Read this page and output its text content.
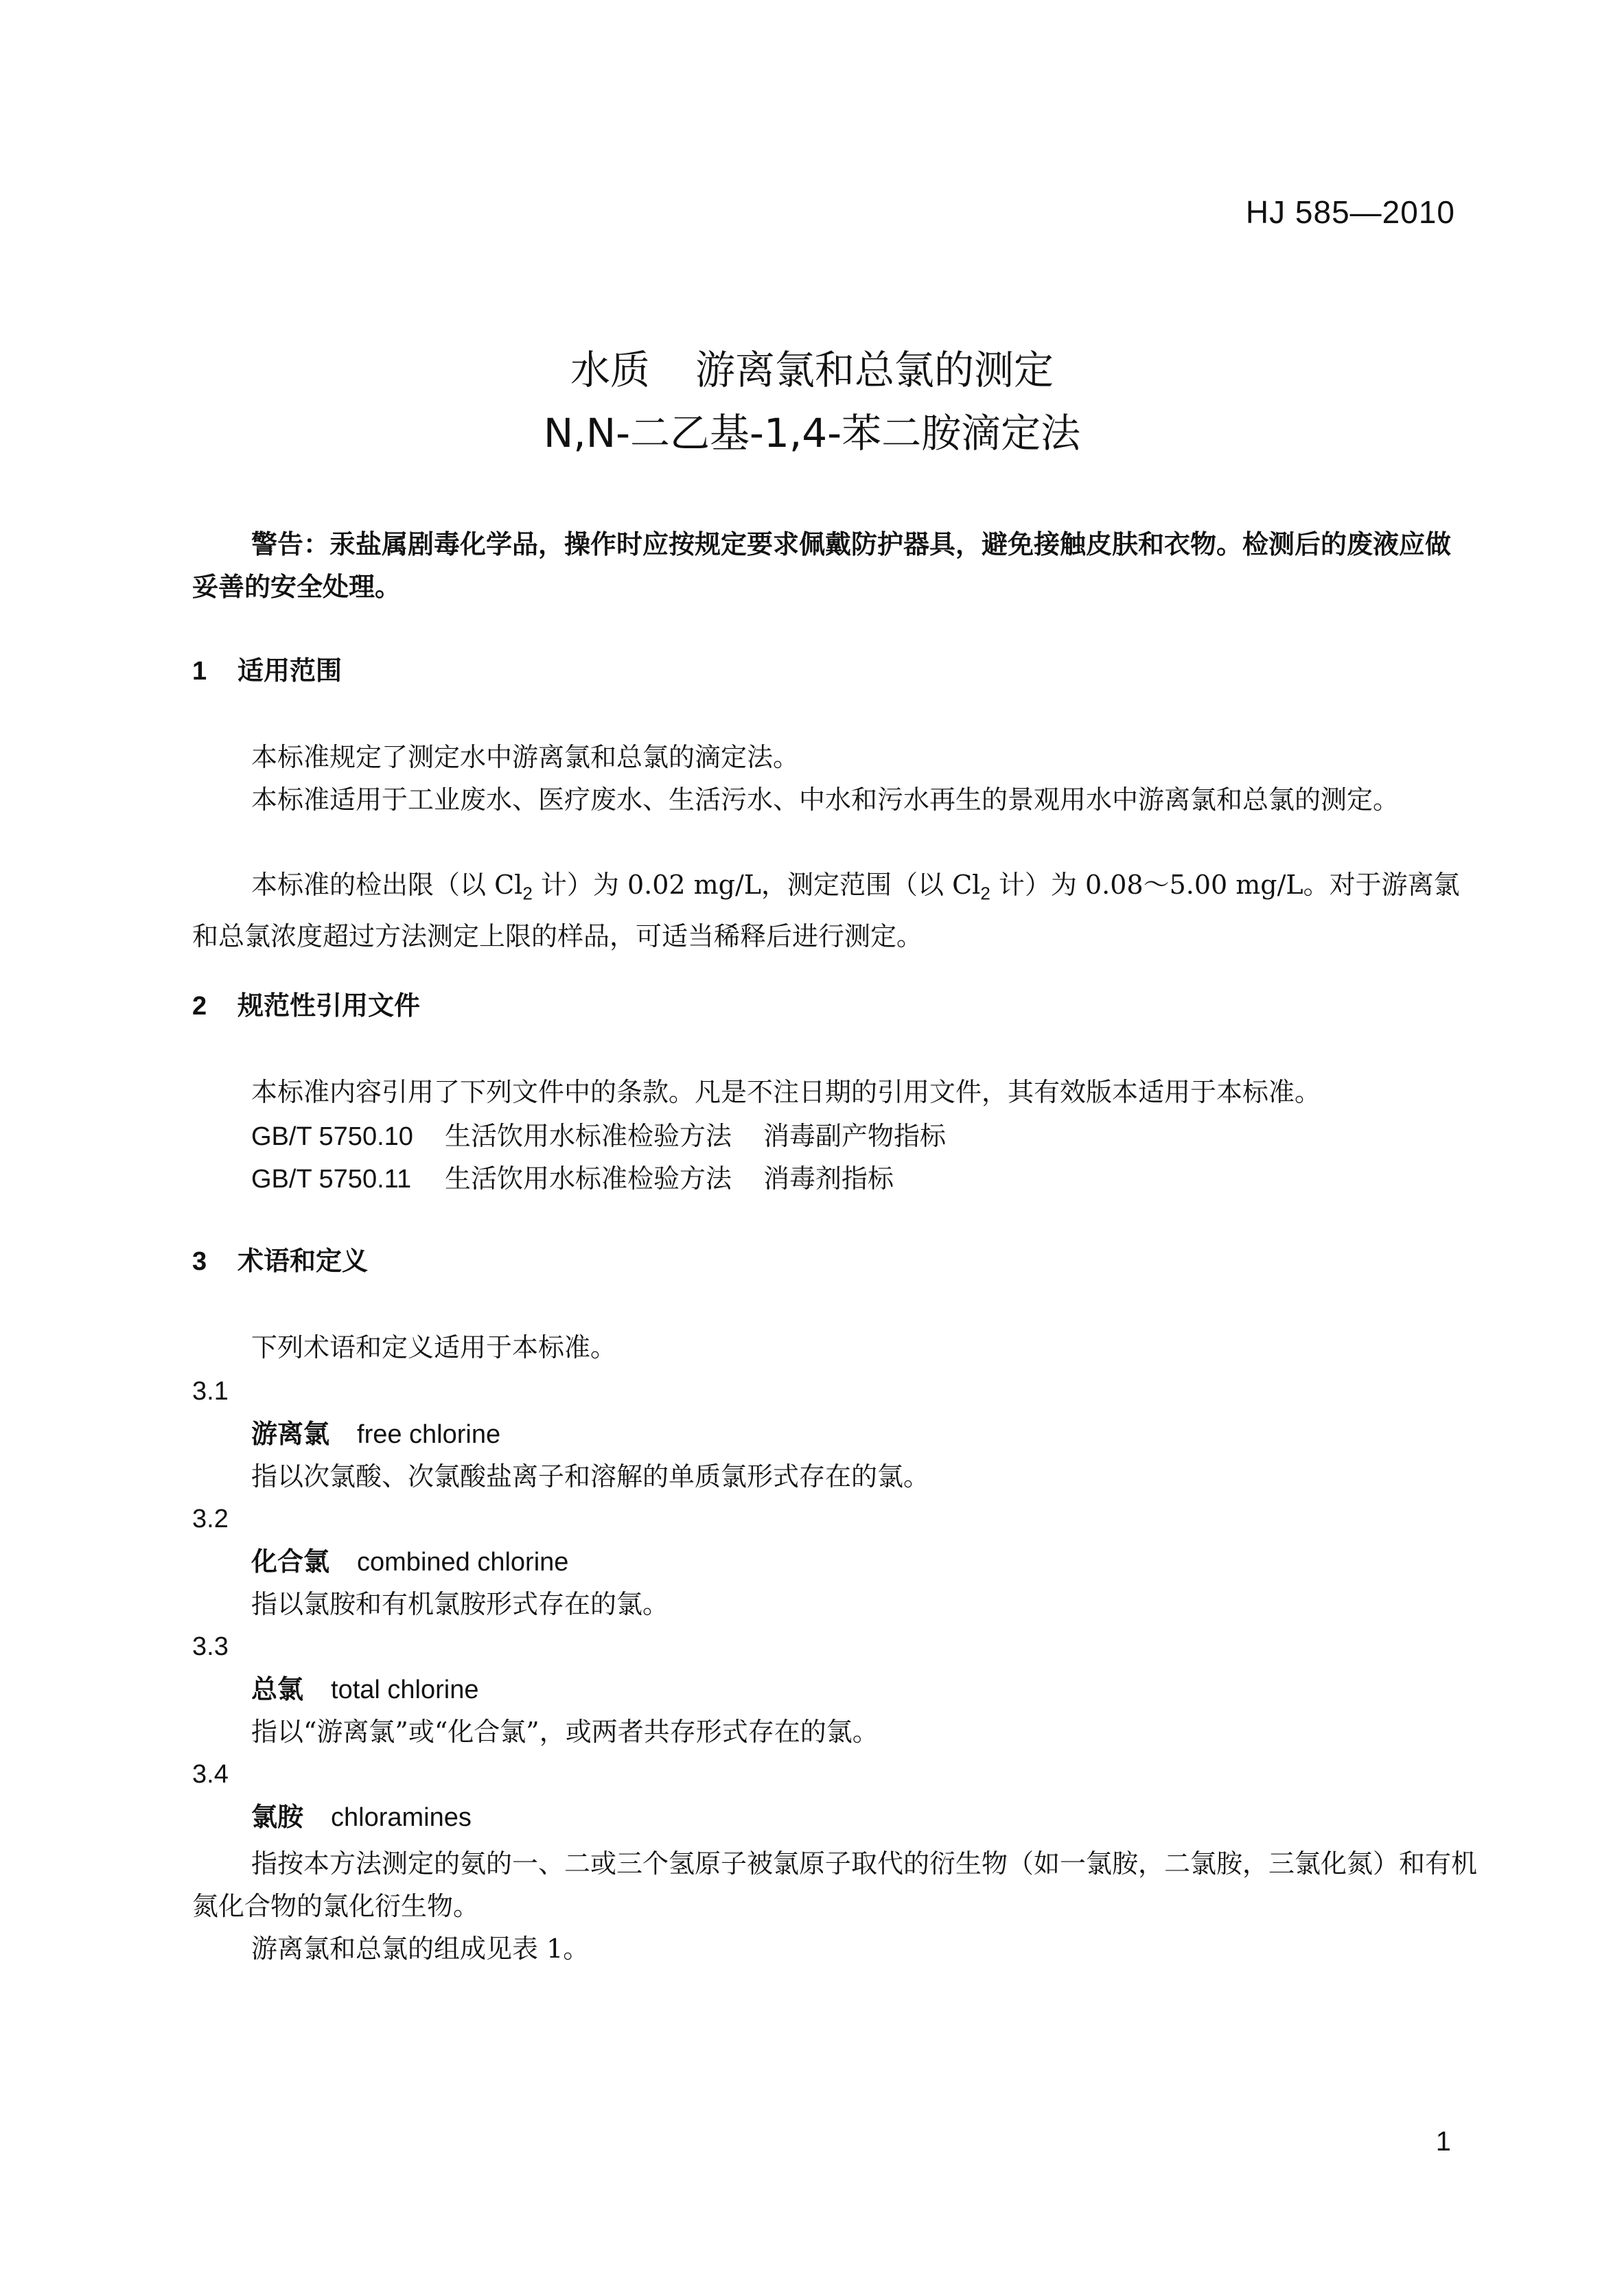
HJ 585—2010
水质 游离氯和总氯的测定
N,N-二乙基-1,4-苯二胺滴定法
警告：汞盐属剧毒化学品，操作时应按规定要求佩戴防护器具，避免接触皮肤和衣物。检测后的废液应做妥善的安全处理。
1 适用范围
本标准规定了测定水中游离氯和总氯的滴定法。
本标准适用于工业废水、医疗废水、生活污水、中水和污水再生的景观用水中游离氯和总氯的测定。
本标准的检出限（以 $Cl_2$ 计）为 0.02 mg/L，测定范围（以 $Cl_2$ 计）为 0.08～5.00 mg/L。对于游离氯和总氯浓度超过方法测定上限的样品，可适当稀释后进行测定。
2 规范性引用文件
本标准内容引用了下列文件中的条款。凡是不注日期的引用文件，其有效版本适用于本标准。
GB/T 5750.10 生活饮用水标准检验方法 消毒副产物指标
GB/T 5750.11 生活饮用水标准检验方法 消毒剂指标
3 术语和定义
下列术语和定义适用于本标准。
3.1
游离氯 free chlorine
指以次氯酸、次氯酸盐离子和溶解的单质氯形式存在的氯。
3.2
化合氯 combined chlorine
指以氯胺和有机氯胺形式存在的氯。
3.3
总氯 total chlorine
指以“游离氯”或“化合氯”，或两者共存形式存在的氯。
3.4
氯胺 chloramines
指按本方法测定的氨的一、二或三个氢原子被氯原子取代的衍生物（如一氯胺，二氯胺，三氯化氮）和有机氮化合物的氯化衍生物。
游离氯和总氯的组成见表 1。
1
